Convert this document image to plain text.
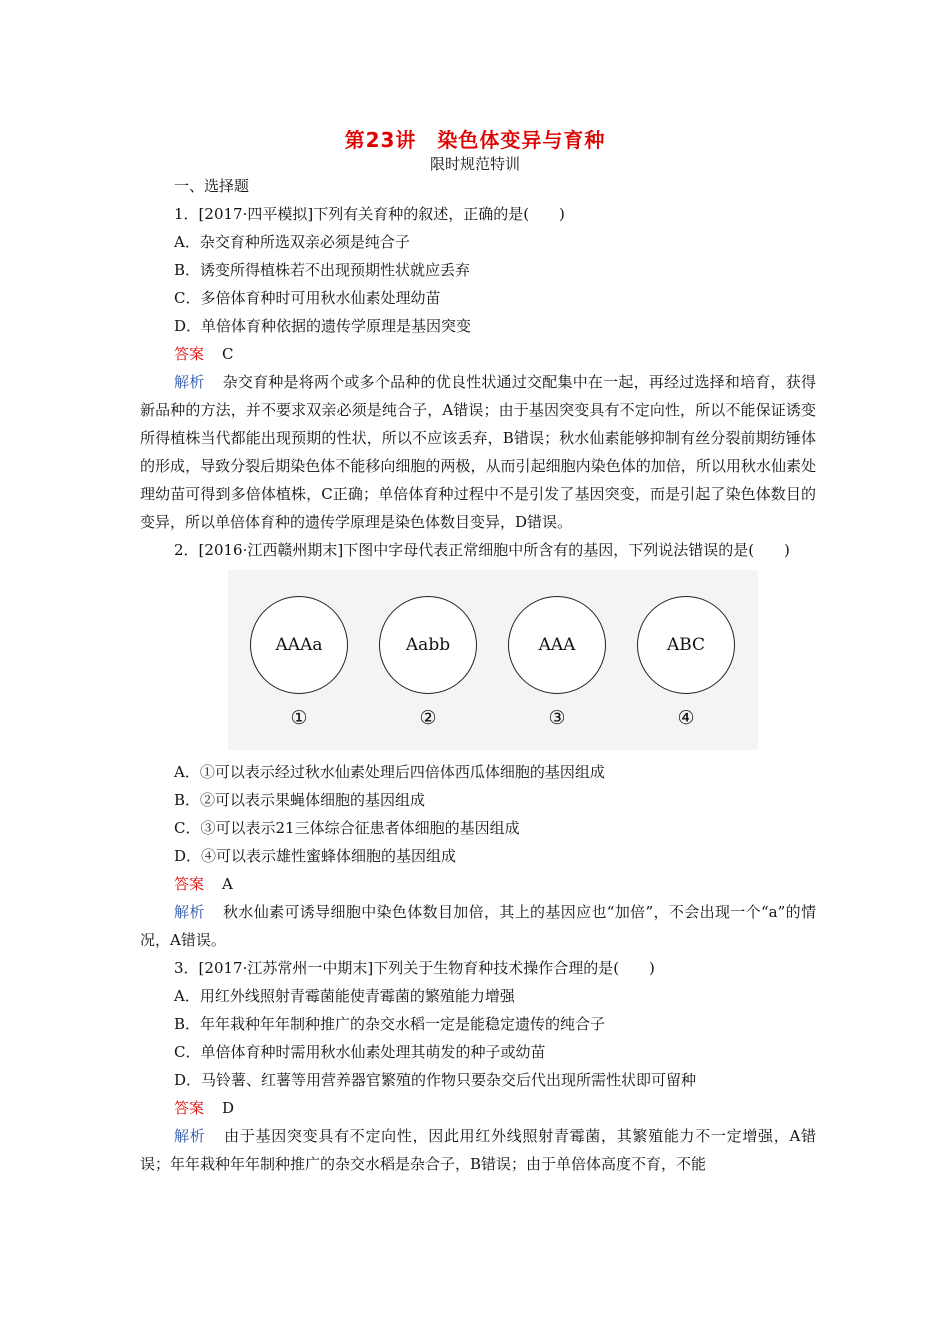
第23讲　染色体变异与育种
限时规范特训

一、选择题

1．[2017·四平模拟]下列有关育种的叙述，正确的是(　　)

A．杂交育种所选双亲必须是纯合子

B．诱变所得植株若不出现预期性状就应丢弃

C．多倍体育种时可用秋水仙素处理幼苗

D．单倍体育种依据的遗传学原理是基因突变

答案 C

解析 杂交育种是将两个或多个品种的优良性状通过交配集中在一起，再经过选择和培育，获得新品种的方法，并不要求双亲必须是纯合子，A错误；由于基因突变具有不定向性，所以不能保证诱变所得植株当代都能出现预期的性状，所以不应该丢弃，B错误；秋水仙素能够抑制有丝分裂前期纺锤体的形成，导致分裂后期染色体不能移向细胞的两极，从而引起细胞内染色体的加倍，所以用秋水仙素处理幼苗可得到多倍体植株，C正确；单倍体育种过程中不是引发了基因突变，而是引起了染色体数目的变异，所以单倍体育种的遗传学原理是染色体数目变异，D错误。

2．[2016·江西赣州期末]下图中字母代表正常细胞中所含有的基因，下列说法错误的是(　　)

AAAa	Aabb	AAA	ABC
①	②	③	④

A．①可以表示经过秋水仙素处理后四倍体西瓜体细胞的基因组成

B．②可以表示果蝇体细胞的基因组成

C．③可以表示21三体综合征患者体细胞的基因组成

D．④可以表示雄性蜜蜂体细胞的基因组成

答案 A

解析 秋水仙素可诱导细胞中染色体数目加倍，其上的基因应也“加倍”，不会出现一个“a”的情况，A错误。

3．[2017·江苏常州一中期末]下列关于生物育种技术操作合理的是(　　)

A．用红外线照射青霉菌能使青霉菌的繁殖能力增强

B．年年栽种年年制种推广的杂交水稻一定是能稳定遗传的纯合子

C．单倍体育种时需用秋水仙素处理其萌发的种子或幼苗

D．马铃薯、红薯等用营养器官繁殖的作物只要杂交后代出现所需性状即可留种

答案 D

解析 由于基因突变具有不定向性，因此用红外线照射青霉菌，其繁殖能力不一定增强，A错误；年年栽种年年制种推广的杂交水稻是杂合子，B错误；由于单倍体高度不育，不能
